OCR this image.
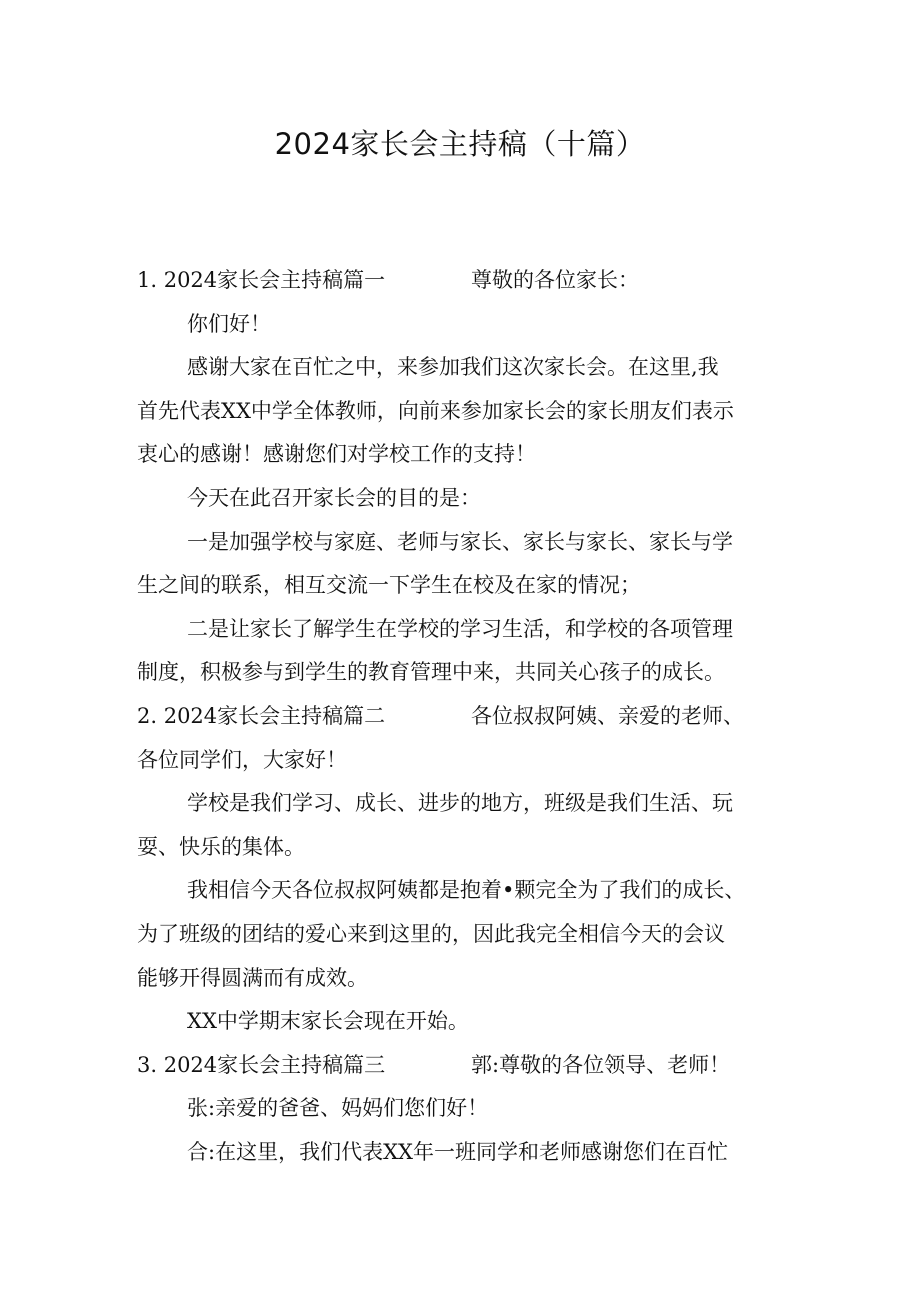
2024家长会主持稿（十篇）

1. 2024家长会主持稿篇一	尊敬的各位家长：

你们好！

感谢大家在百忙之中，来参加我们这次家长会。在这里,我

首先代表XX中学全体教师，向前来参加家长会的家长朋友们表示

衷心的感谢！感谢您们对学校工作的支持！

今天在此召开家长会的目的是：

一是加强学校与家庭、老师与家长、家长与家长、家长与学

生之间的联系，相互交流一下学生在校及在家的情况；

二是让家长了解学生在学校的学习生活，和学校的各项管理

制度，积极参与到学生的教育管理中来，共同关心孩子的成长。

2. 2024家长会主持稿篇二	各位叔叔阿姨、亲爱的老师、

各位同学们，大家好！

学校是我们学习、成长、进步的地方，班级是我们生活、玩

耍、快乐的集体。

我相信今天各位叔叔阿姨都是抱着•颗完全为了我们的成长、

为了班级的团结的爱心来到这里的，因此我完全相信今天的会议

能够开得圆满而有成效。

XX中学期末家长会现在开始。

3. 2024家长会主持稿篇三	郭:尊敬的各位领导、老师！

张:亲爱的爸爸、妈妈们您们好！

合:在这里，我们代表XX年一班同学和老师感谢您们在百忙
